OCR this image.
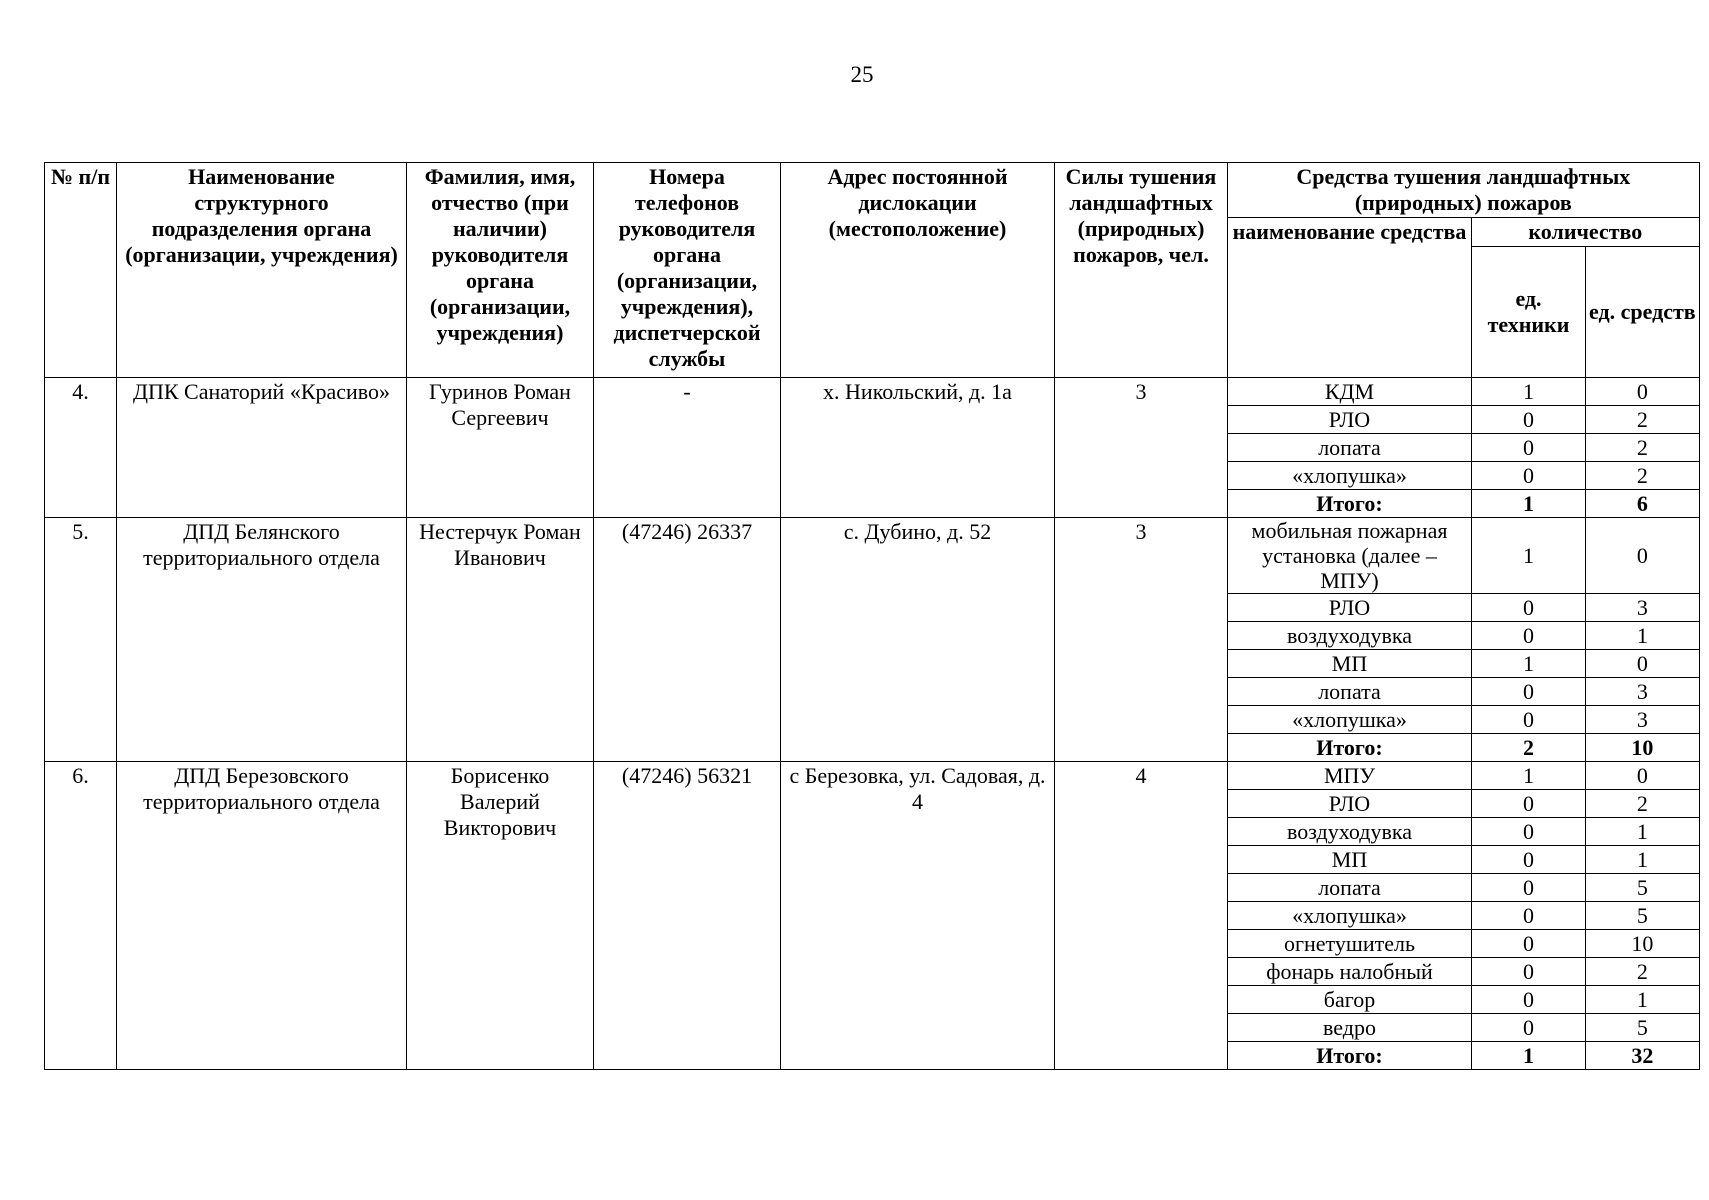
25
№ п/п	Наименование структурного подразделения органа (организации, учреждения)	Фамилия, имя, отчество (при наличии) руководителя органа (организации, учреждения)	Номера телефонов руководителя органа (организации, учреждения), диспетчерской службы	Адрес постоянной дислокации (местоположение)	Силы тушения ландшафтных (природных) пожаров, чел.	Средства тушения ландшафтных (природных) пожаров		
						наименование средства	количество	
							ед. техники	ед. средств
4.	ДПК Санаторий «Красиво»	Гуринов Роман Сергеевич	-	х. Никольский, д. 1а	3	КДМ	1	0
						РЛО	0	2
						лопата	0	2
						«хлопушка»	0	2
						Итого:	1	6
5.	ДПД Белянского территориального отдела	Нестерчук Роман Иванович	(47246) 26337	с. Дубино, д. 52	3	мобильная пожарная установка (далее – МПУ)	1	0
						РЛО	0	3
						воздуходувка	0	1
						МП	1	0
						лопата	0	3
						«хлопушка»	0	3
						Итого:	2	10
6.	ДПД Березовского территориального отдела	Борисенко Валерий Викторович	(47246) 56321	с Березовка, ул. Садовая, д. 4	4	МПУ	1	0
						РЛО	0	2
						воздуходувка	0	1
						МП	0	1
						лопата	0	5
						«хлопушка»	0	5
						огнетушитель	0	10
						фонарь налобный	0	2
						багор	0	1
						ведро	0	5
						Итого:	1	32
